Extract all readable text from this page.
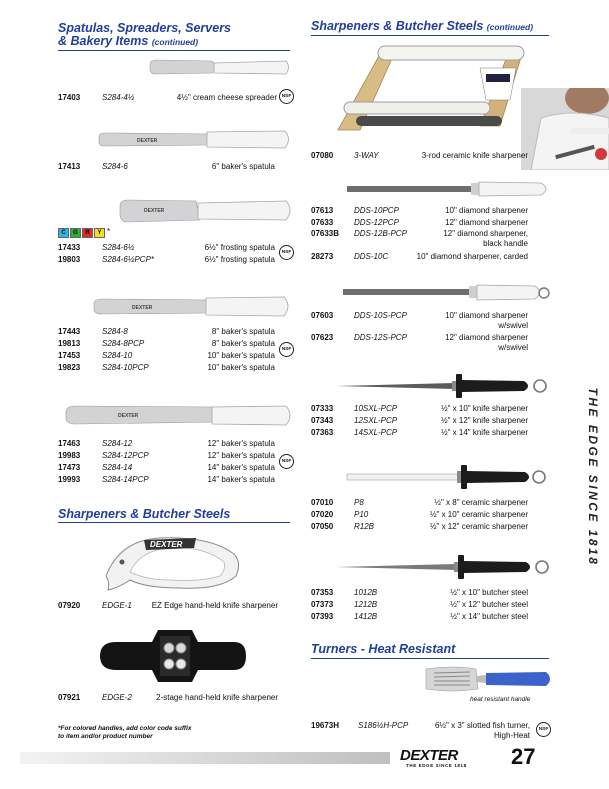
Spatulas, Spreaders, Servers
& Bakery Items (continued)
DEXTER
DEXTER
C G R Y *
DEXTER
DEXTER
17403	S284-4½	4½" cream cheese spreader NSF
17413	S284-6	6" baker's spatula
17433	S284-6½	6½" frosting spatula
19803	S284-6½PCP*	6½" frosting spatula
NSF
17443	S284-8	8" baker's spatula
19813	S284-8PCP	8" baker's spatula
17453	S284-10	10" baker's spatula
19823	S284-10PCP	10" baker's spatula
NSF
17463	S284-12	12" baker's spatula
19983	S284-12PCP	12" baker's spatula
17473	S284-14	14" baker's spatula
19993	S284-14PCP	14" baker's spatula
NSF
Sharpeners & Butcher Steels
DEXTER
07920	EDGE-1 EZ Edge hand-held knife sharpener
07921	EDGE-2	2-stage hand-held knife sharpener
*For colored handles, add color code suffix
to item and/or product number
Sharpeners & Butcher Steels (continued)
THE EDGE SINCE 1818
07080	3-WAY	3-rod ceramic knife sharpener
07613	DDS-10PCP	10" diamond sharpener
07633	DDS-12PCP	12" diamond sharpener
07633B DDS-12B-PCP	12" diamond sharpener,
black handle
28273	DDS-10C	10" diamond sharpener, carded
07603	DDS-10S-PCP	10" diamond sharpener
w/swivel
07623	DDS-12S-PCP	12" diamond sharpener
w/swivel
07333	10SXL-PCP	½" x 10" knife sharpener
07343	12SXL-PCP	½" x 12" knife sharpener
07363	14SXL-PCP	½" x 14" knife sharpener
07010	P8	½" x 8" ceramic sharpener
07020	P10	½" x 10" ceramic sharpener
07050	R12B	½" x 12" ceramic sharpener
07353	1012B	½" x 10" butcher steel
07373	1212B	½" x 12" butcher steel
07393	1412B	½" x 14" butcher steel
Turners - Heat Resistant
heat resistant handle
19673H S186½H-PCP	6½" x 3" slotted fish turner,
High-Heat
NSF
DEXTER
THE EDGE SINCE 1818 27
